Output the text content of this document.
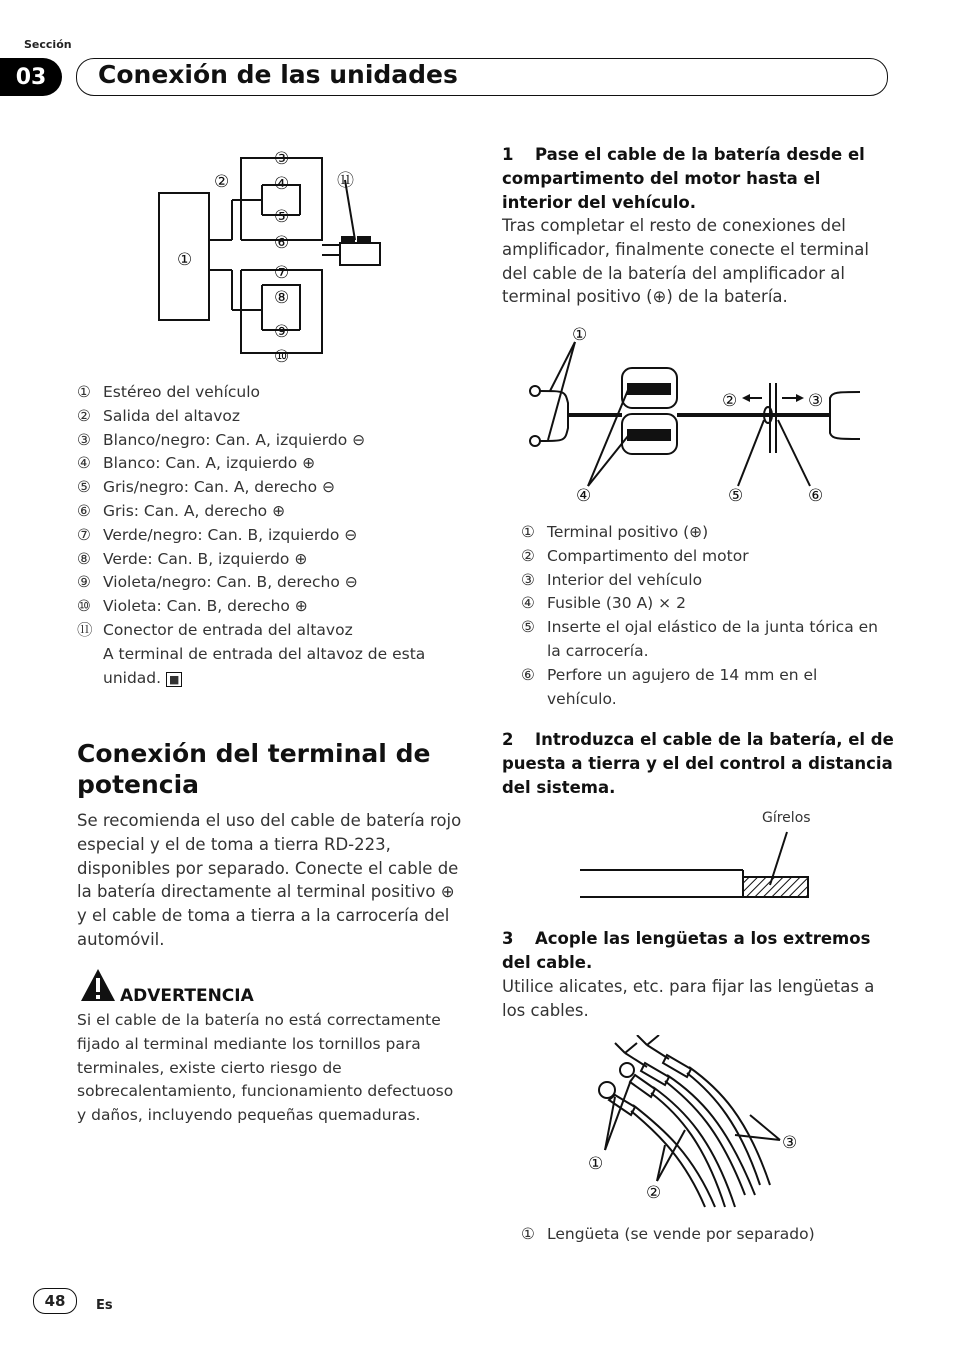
Sección
03	Conexión de las unidades
①
②
③
④
⑤
⑥
⑦
⑧
⑨
⑩
⑪
① Estéreo del vehículo
② Salida del altavoz
③ Blanco/negro: Can. A, izquierdo ⊖
④ Blanco: Can. A, izquierdo ⊕
⑤ Gris/negro: Can. A, derecho ⊖
⑥ Gris: Can. A, derecho ⊕
⑦ Verde/negro: Can. B, izquierdo ⊖
⑧ Verde: Can. B, izquierdo ⊕
⑨ Violeta/negro: Can. B, derecho ⊖
⑩ Violeta: Can. B, derecho ⊕
⑪ Conector de entrada del altavoz
A terminal de entrada del altavoz de esta unidad. ■
Conexión del terminal de potencia
Se recomienda el uso del cable de batería rojo especial y el de toma a tierra RD-223, disponibles por separado. Conecte el cable de la batería directamente al terminal positivo ⊕ y el cable de toma a tierra a la carrocería del automóvil.
ADVERTENCIA
Si el cable de la batería no está correctamente fijado al terminal mediante los tornillos para terminales, existe cierto riesgo de sobrecalentamiento, funcionamiento defectuoso y daños, incluyendo pequeñas quemaduras.
1	Pase el cable de la batería desde el compartimento del motor hasta el interior del vehículo.
Tras completar el resto de conexiones del amplificador, finalmente conecte el terminal del cable de la batería del amplificador al terminal positivo (⊕) de la batería.
①
②	③
④	⑤	⑥
① Terminal positivo (⊕)
② Compartimento del motor
③ Interior del vehículo
④ Fusible (30 A) × 2
⑤ Inserte el ojal elástico de la junta tórica en la carrocería.
⑥ Perfore un agujero de 14 mm en el vehículo.
2	Introduzca el cable de la batería, el de puesta a tierra y el del control a distancia del sistema.
Gírelos
3	Acople las lengüetas a los extremos del cable.
Utilice alicates, etc. para fijar las lengüetas a los cables.
①
②
③
① Lengüeta (se vende por separado)
48	Es
